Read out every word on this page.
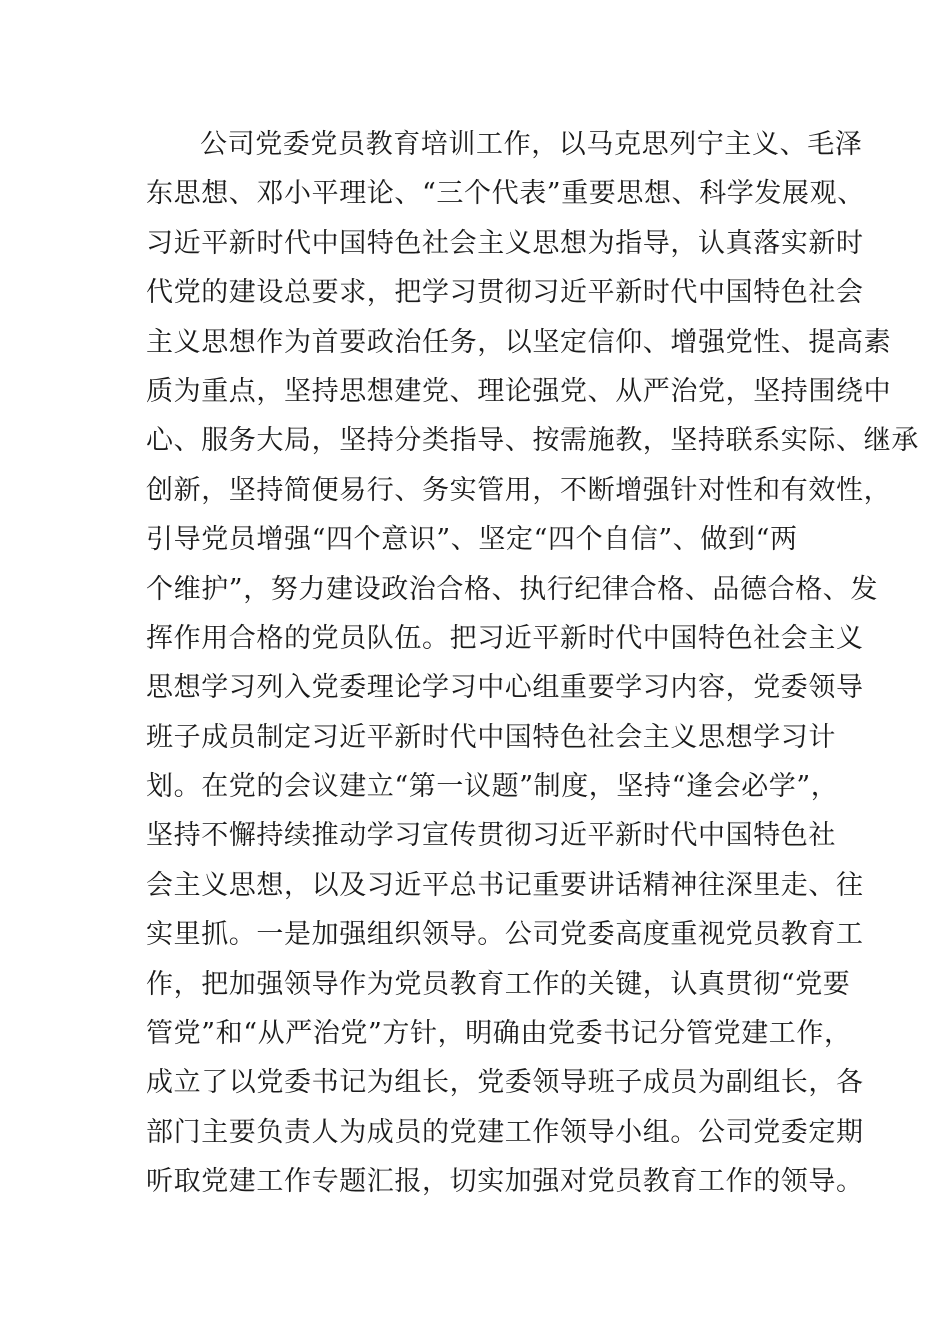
公司党委党员教育培训工作，以马克思列宁主义、毛泽
东思想、邓小平理论、“三个代表”重要思想、科学发展观、
习近平新时代中国特色社会主义思想为指导，认真落实新时
代党的建设总要求，把学习贯彻习近平新时代中国特色社会
主义思想作为首要政治任务，以坚定信仰、增强党性、提高素
质为重点，坚持思想建党、理论强党、从严治党，坚持围绕中
心、服务大局，坚持分类指导、按需施教，坚持联系实际、继承
创新，坚持简便易行、务实管用，不断增强针对性和有效性，
引导党员增强“四个意识”、坚定“四个自信”、做到“两
个维护”，努力建设政治合格、执行纪律合格、品德合格、发
挥作用合格的党员队伍。把习近平新时代中国特色社会主义
思想学习列入党委理论学习中心组重要学习内容，党委领导
班子成员制定习近平新时代中国特色社会主义思想学习计
划。在党的会议建立“第一议题”制度，坚持“逢会必学”，
坚持不懈持续推动学习宣传贯彻习近平新时代中国特色社
会主义思想，以及习近平总书记重要讲话精神往深里走、往
实里抓。一是加强组织领导。公司党委高度重视党员教育工
作，把加强领导作为党员教育工作的关键，认真贯彻“党要
管党”和“从严治党”方针，明确由党委书记分管党建工作，
成立了以党委书记为组长，党委领导班子成员为副组长，各
部门主要负责人为成员的党建工作领导小组。公司党委定期
听取党建工作专题汇报，切实加强对党员教育工作的领导。
